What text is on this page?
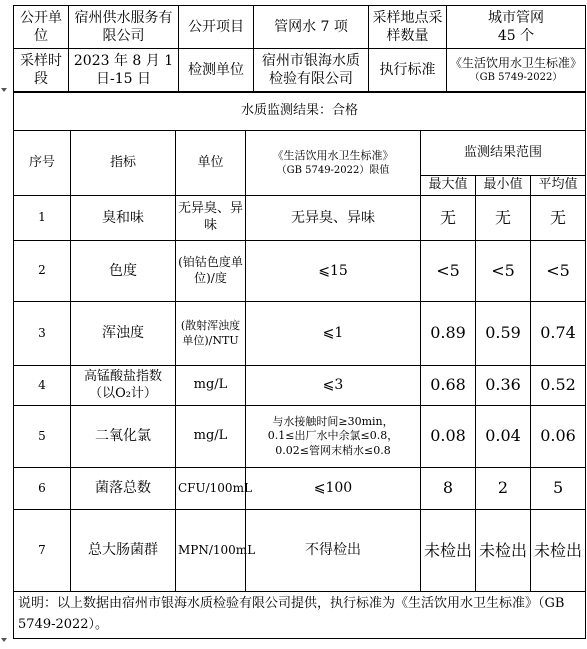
公开单位	宿州供水服务有限公司	公开项目	管网水 7 项	采样地点采样数量	城市管网
45 个

采样时段	2023 年 8 月 1日-15 日	检测单位	宿州市银海水质检验有限公司	执行标准	《生活饮用水卫生标准》
（GB 5749-2022）
水质监测结果：合格						
序号	指标	单位	《生活饮用水卫生标准》
（GB 5749-2022）限值	监测结果范围		
				最大值	最小值	平均值
1	臭和味	无异臭、异味	无异臭、异味	无	无	无
2	色度	(铂钴色度单位)/度	⩽15	<5	<5	<5
3	浑浊度	(散射浑浊度单位)/NTU	⩽1	0.89	0.59	0.74
4	高锰酸盐指数（以O₂计）	mg/L	⩽3	0.68	0.36	0.52
5	二氧化氯	mg/L	与水接触时间≥30min，
0.1≤出厂水中余氯≤0.8，
0.02≤管网末梢水≤0.8	0.08	0.04	0.06
6	菌落总数	CFU/100mL	⩽100	8	2	5
7	总大肠菌群	MPN/100mL	不得检出	未检出	未检出	未检出
说明：以上数据由宿州市银海水质检验有限公司提供，执行标准为《生活饮用水卫生标准》（GB 5749-2022）。						
